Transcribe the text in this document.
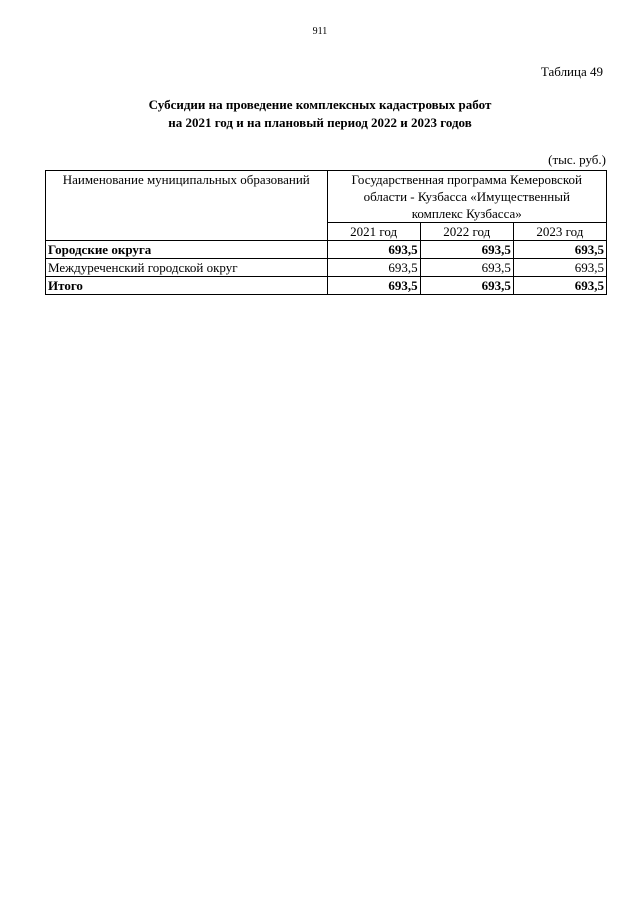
911
Таблица 49
Субсидии на проведение комплексных кадастровых работ
на 2021 год и на плановый период 2022 и 2023 годов
(тыс. руб.)
Наименование муниципальных образований	Государственная программа Кемеровской
области - Кузбасса «Имущественный
комплекс Кузбасса»		

	2021 год	2022 год	2023 год
Городские округа	693,5	693,5	693,5
Междуреченский городской округ	693,5	693,5	693,5
Итого	693,5	693,5	693,5
